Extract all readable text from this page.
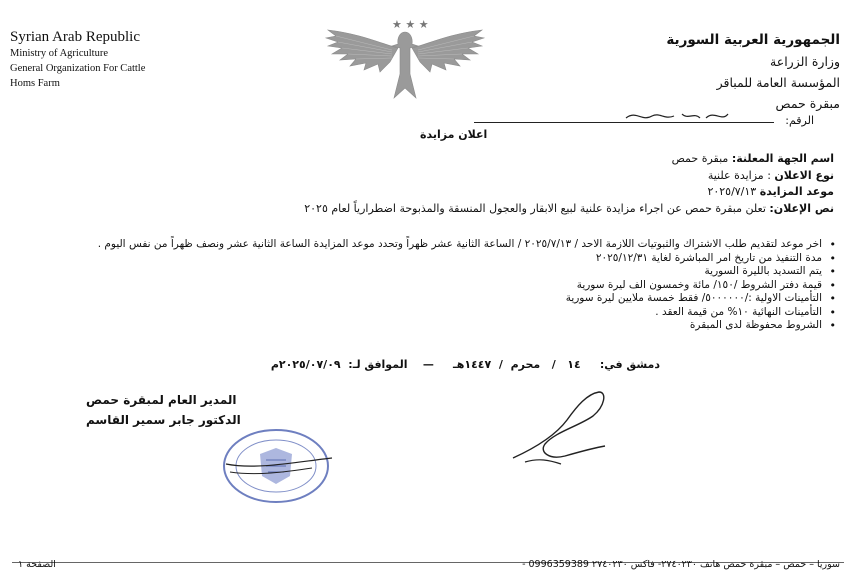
Syrian Arab Republic
Ministry of Agriculture
General Organization For Cattle
Homs Farm
★ ★ ★
الجمهورية العربية السورية
وزارة الزراعة
المؤسسة العامة للمباقر
مبقرة حمص
الرقم:
اعلان مزايدة
اسم الجهة المعلنة: مبقرة حمص
نوع الاعلان : مزايدة علنية
موعد المزايدة ٢٠٢٥/٧/١٣
نص الإعلان: تعلن مبقرة حمص عن اجراء مزايدة علنية لبيع الابقار والعجول المنسقة والمذبوحة اضطرارياً لعام ٢٠٢٥
• اخر موعد لتقديم طلب الاشتراك والثبوتيات اللازمة الاحد / ٢٠٢٥/٧/١٣ / الساعة الثانية عشر ظهراً وتحدد موعد المزايدة الساعة الثانية عشر ونصف ظهراً من نفس اليوم .
• مدة التنفيذ من تاريخ امر المباشرة لغاية ٢٠٢٥/١٢/٣١
• يتم التسديد بالليرة السورية
• قيمة دفتر الشروط /١٥٠/ مائة وخمسون الف ليرة سورية
• التأمينات الاولية :/٥٠٠٠٠٠٠/ فقط خمسة ملايين ليرة سورية
• التأمينات النهائية ١٠% من قيمة العقد .
• الشروط محفوظة لدى المبقرة
دمشق في:     ١٤   /   محرم  /  ١٤٤٧هـ     —    الموافق لـ:  ٢٠٢٥/٠٧/٠٩م
المدير العام لمبقرة حمص
الدكتور جابر سمير القاسم
سوريا – حمص – مبقرة حمص هاتف ٢٧٤٠٢٣٠- فاكس ٢٧٤٠٢٣٠ 0996359389 -
الصفحة ١
